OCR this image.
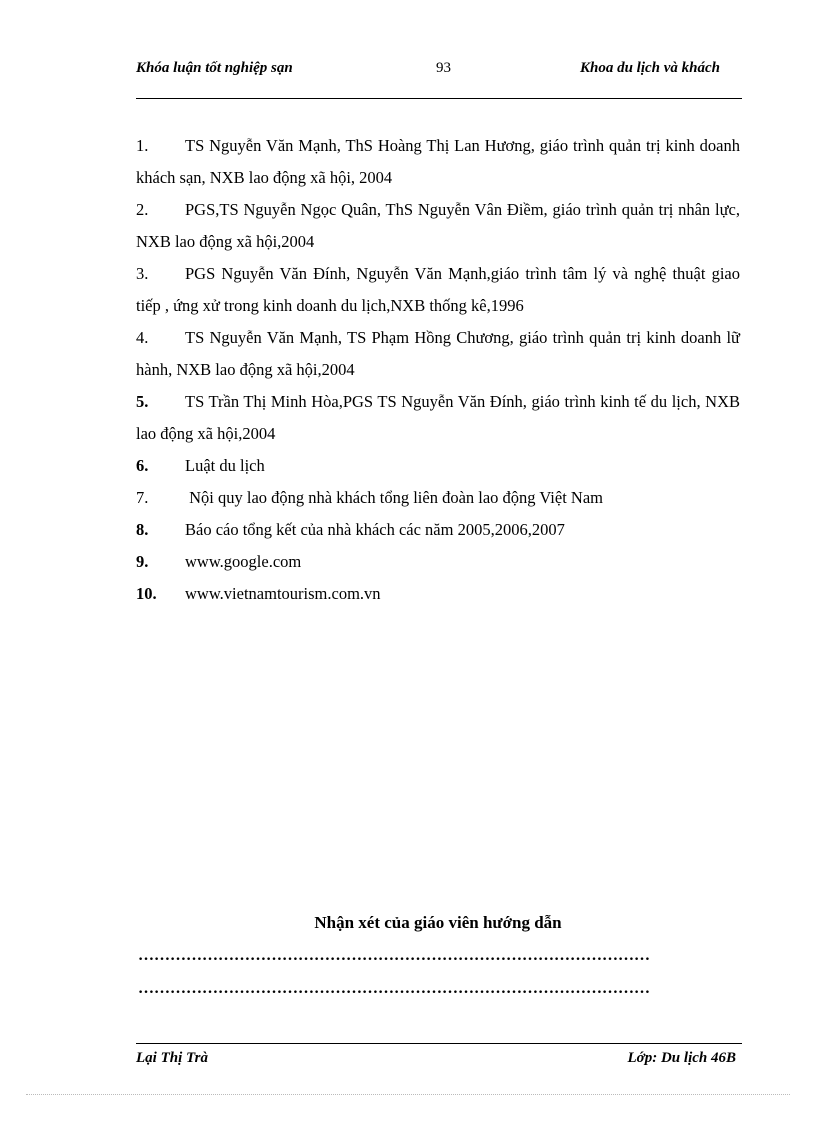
Khóa luận tốt nghiệp sạn	93	Khoa du lịch và khách
1. TS Nguyễn Văn Mạnh, ThS Hoàng Thị Lan Hương, giáo trình quản trị kinh doanh khách sạn, NXB lao động xã hội, 2004
2. PGS,TS Nguyễn Ngọc Quân, ThS Nguyễn Vân Điềm, giáo trình quản trị nhân lực, NXB lao động xã hội,2004
3. PGS Nguyễn Văn Đính, Nguyễn Văn Mạnh,giáo trình tâm lý và nghệ thuật giao tiếp , ứng xử trong kinh doanh du lịch,NXB thống kê,1996
4. TS Nguyễn Văn Mạnh, TS Phạm Hồng Chương, giáo trình quản trị kinh doanh lữ hành, NXB lao động xã hội,2004
5. TS Trần Thị Minh Hòa,PGS TS Nguyễn Văn Đính, giáo trình kinh tế du lịch, NXB lao động xã hội,2004
6. Luật du lịch
7. Nội quy lao động nhà khách tổng liên đoàn lao động Việt Nam
8. Báo cáo tổng kết của nhà khách các năm 2005,2006,2007
9. www.google.com
10. www.vietnamtourism.com.vn
Nhận xét của giáo viên hướng dẫn
……………………………………………………………………………………
……………………………………………………………………………………
Lại Thị Trà	Lớp: Du lịch 46B
